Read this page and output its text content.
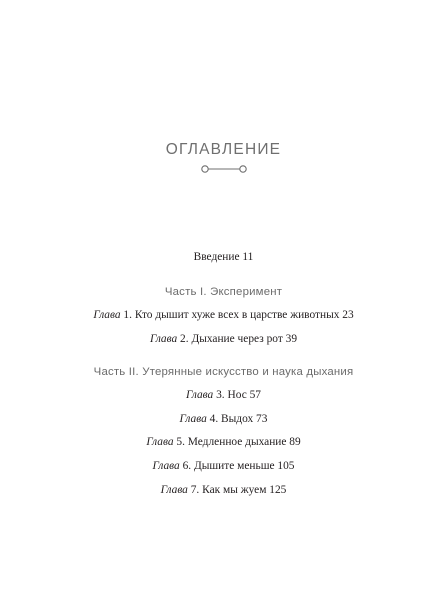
ОГЛАВЛЕНИЕ
Введение 11
Часть I. Эксперимент
Глава 1. Кто дышит хуже всех в царстве животных 23
Глава 2. Дыхание через рот 39
Часть II. Утерянные искусство и наука дыхания
Глава 3. Нос 57
Глава 4. Выдох 73
Глава 5. Медленное дыхание 89
Глава 6. Дышите меньше 105
Глава 7. Как мы жуем 125
